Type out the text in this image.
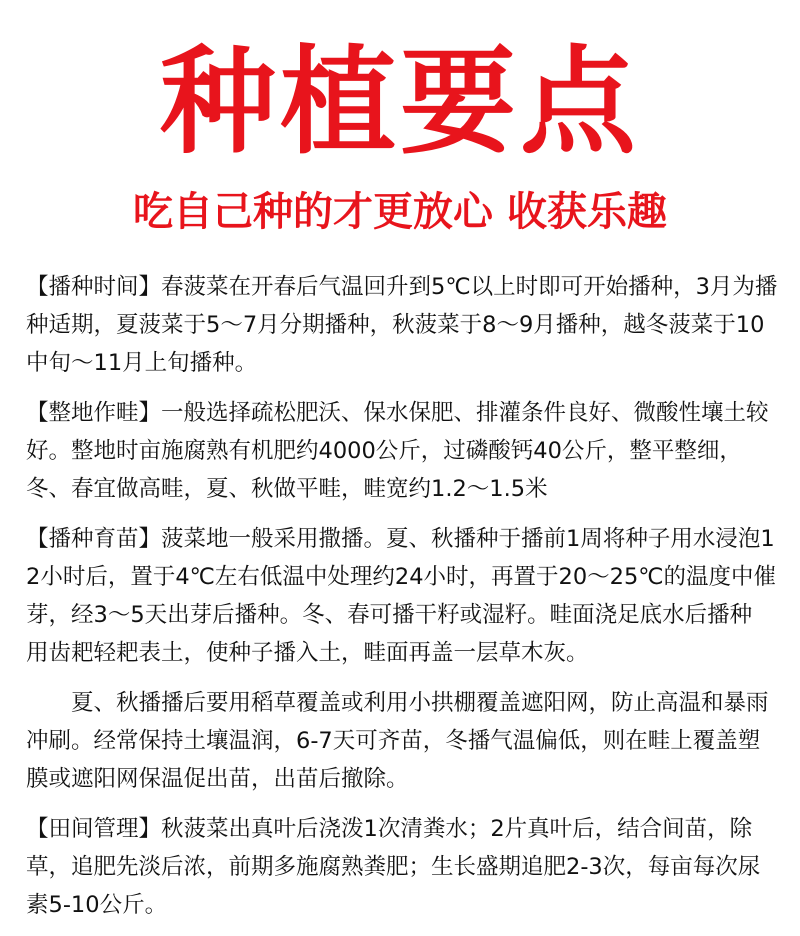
种植要点
吃自己种的才更放心 收获乐趣

【播种时间】春菠菜在开春后气温回升到5℃以上时即可开始播种，3月为播种适期，夏菠菜于5～7月分期播种，秋菠菜于8～9月播种，越冬菠菜于10中旬～11月上旬播种。

【整地作畦】一般选择疏松肥沃、保水保肥、排灌条件良好、微酸性壤土较好。整地时亩施腐熟有机肥约4000公斤，过磷酸钙40公斤，整平整细，冬、春宜做高畦，夏、秋做平畦，畦宽约1.2～1.5米

【播种育苗】菠菜地一般采用撒播。夏、秋播种于播前1周将种子用水浸泡12小时后，置于4℃左右低温中处理约24小时，再置于20～25℃的温度中催芽，经3～5天出芽后播种。冬、春可播干籽或湿籽。畦面浇足底水后播种 用齿耙轻耙表土，使种子播入土，畦面再盖一层草木灰。

夏、秋播播后要用稻草覆盖或利用小拱棚覆盖遮阳网，防止高温和暴雨冲刷。经常保持土壤温润，6-7天可齐苗，冬播气温偏低，则在畦上覆盖塑膜或遮阳网保温促出苗，出苗后撤除。

【田间管理】秋菠菜出真叶后浇泼1次清粪水；2片真叶后，结合间苗，除草，追肥先淡后浓，前期多施腐熟粪肥；生长盛期追肥2-3次，每亩每次尿素5-10公斤。
